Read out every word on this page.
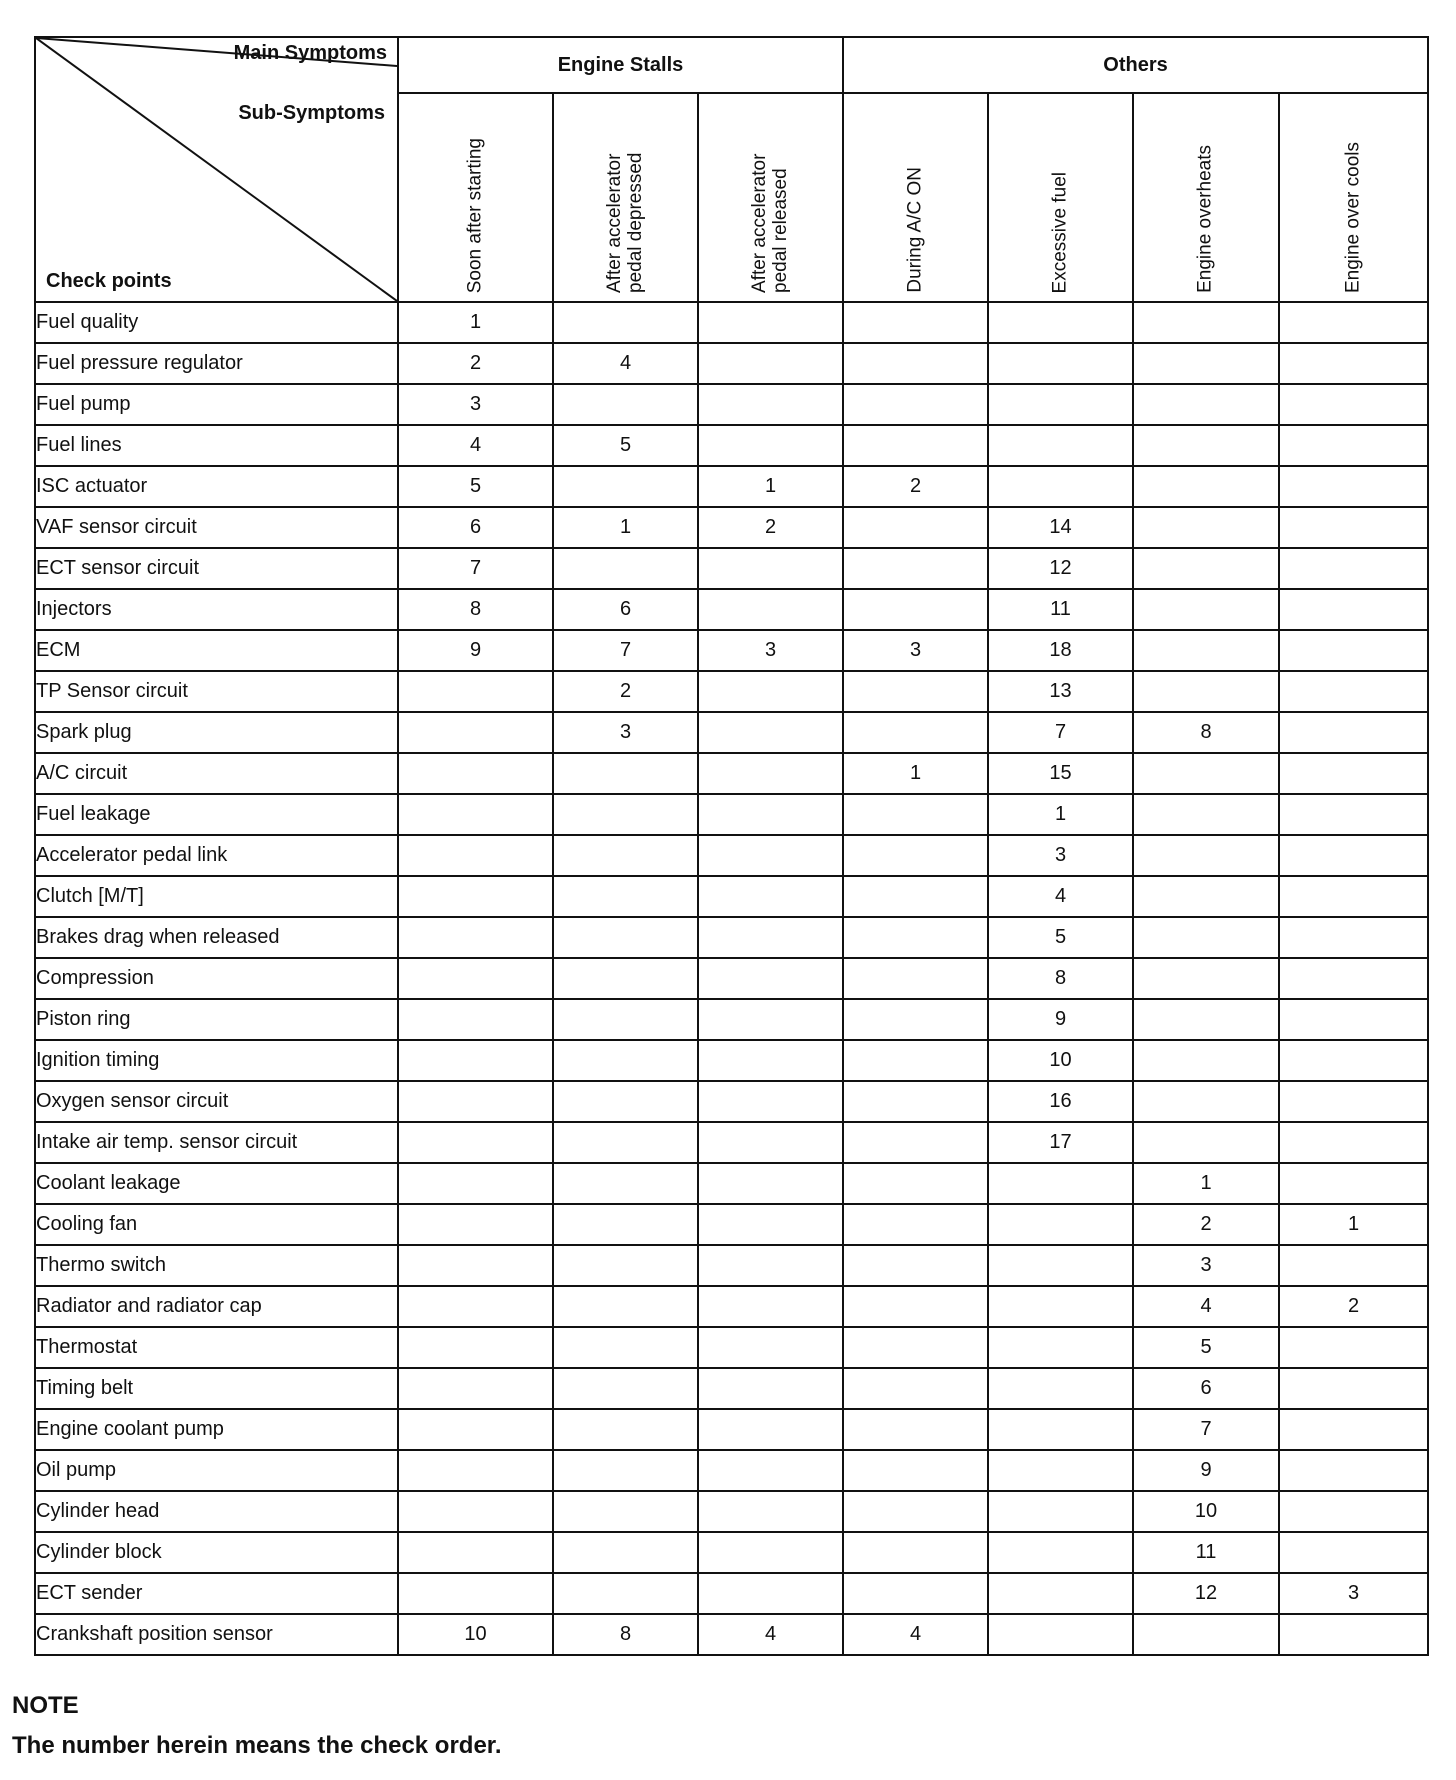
Main Symptoms
Sub-Symptoms
Check points	Engine Stalls			Others			

	Soon after starting	After accelerator pedal depressed	After accelerator pedal released	During A/C ON	Excessive fuel	Engine overheats	Engine over cools

Fuel quality	1						
Fuel pressure regulator	2	4					
Fuel pump	3						
Fuel lines	4	5					
ISC actuator	5		1	2			
VAF sensor circuit	6	1	2		14		
ECT sensor circuit	7				12		
Injectors	8	6			11		
ECM	9	7	3	3	18		
TP Sensor circuit		2			13		
Spark plug		3			7	8	
A/C circuit				1	15		
Fuel leakage					1		
Accelerator pedal link					3		
Clutch [M/T]					4		
Brakes drag when released					5		
Compression					8		
Piston ring					9		
Ignition timing					10		
Oxygen sensor circuit					16		
Intake air temp. sensor circuit					17		
Coolant leakage						1	
Cooling fan						2	1
Thermo switch						3	
Radiator and radiator cap						4	2
Thermostat						5	
Timing belt						6	
Engine coolant pump						7	
Oil pump						9	
Cylinder head						10	
Cylinder block						11	
ECT sender						12	3
Crankshaft position sensor	10	8	4	4			
NOTE
The number herein means the check order.
